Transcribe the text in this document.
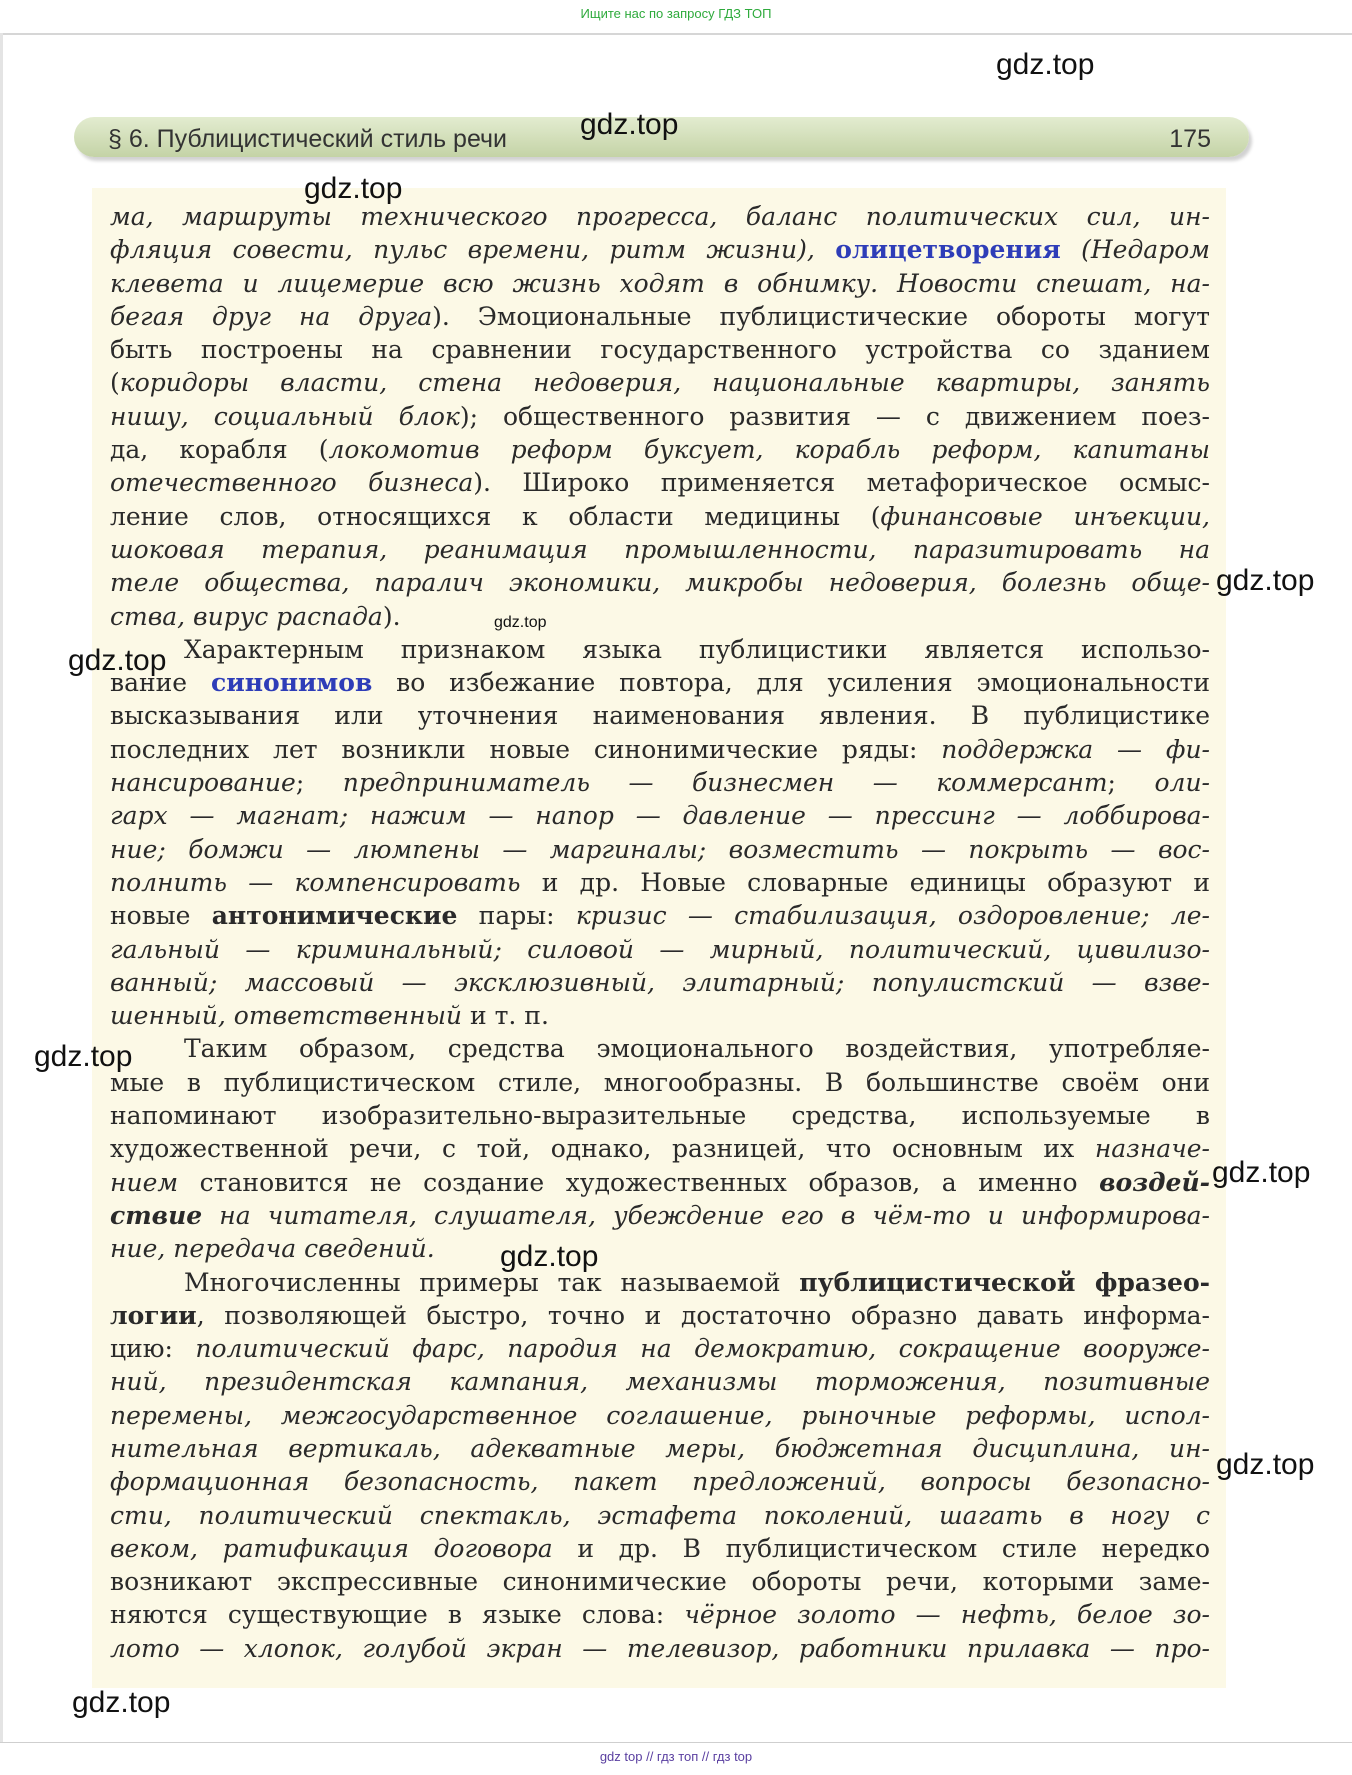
Ищите нас по запросу ГДЗ ТОП
§ 6. Публицистический стиль речи	175
ма, маршруты технического прогресса, баланс политических сил, ин-
фляция совести, пульс времени, ритм жизни), олицетворения (Недаром
клевета и лицемерие всю жизнь ходят в обнимку. Новости спешат, на-
бегая друг на друга). Эмоциональные публицистические обороты могут
быть построены на сравнении государственного устройства со зданием
(коридоры власти, стена недоверия, национальные квартиры, занять
нишу, социальный блок); общественного развития — с движением поез-
да, корабля (локомотив реформ буксует, корабль реформ, капитаны
отечественного бизнеса). Широко применяется метафорическое осмыс-
ление слов, относящихся к области медицины (финансовые инъекции,
шоковая терапия, реанимация промышленности, паразитировать на
теле общества, паралич экономики, микробы недоверия, болезнь обще-
ства, вирус распада).
Характерным признаком языка публицистики является использо-
вание синонимов во избежание повтора, для усиления эмоциональности
высказывания или уточнения наименования явления. В публицистике
последних лет возникли новые синонимические ряды: поддержка — фи-
нансирование; предприниматель — бизнесмен — коммерсант; оли-
гарх — магнат; нажим — напор — давление — прессинг — лоббирова-
ние; бомжи — люмпены — маргиналы; возместить — покрыть — вос-
полнить — компенсировать и др. Новые словарные единицы образуют и
новые антонимические пары: кризис — стабилизация, оздоровление; ле-
гальный — криминальный; силовой — мирный, политический, цивилизо-
ванный; массовый — эксклюзивный, элитарный; популистский — взве-
шенный, ответственный и т. п.
Таким образом, средства эмоционального воздействия, употребляе-
мые в публицистическом стиле, многообразны. В большинстве своём они
напоминают изобразительно-выразительные средства, используемые в
художественной речи, с той, однако, разницей, что основным их назначе-
нием становится не создание художественных образов, а именно воздей-
ствие на читателя, слушателя, убеждение его в чём-то и информирова-
ние, передача сведений.
Многочисленны примеры так называемой публицистической фразео-
логии, позволяющей быстро, точно и достаточно образно давать информа-
цию: политический фарс, пародия на демократию, сокращение вооруже-
ний, президентская кампания, механизмы торможения, позитивные
перемены, межгосударственное соглашение, рыночные реформы, испол-
нительная вертикаль, адекватные меры, бюджетная дисциплина, ин-
формационная безопасность, пакет предложений, вопросы безопасно-
сти, политический спектакль, эстафета поколений, шагать в ногу с
веком, ратификация договора и др. В публицистическом стиле нередко
возникают экспрессивные синонимические обороты речи, которыми заме-
няются существующие в языке слова: чёрное золото — нефть, белое зо-
лото — хлопок, голубой экран — телевизор, работники прилавка — про-
gdz.top
gdz.top
gdz.top
gdz.top
gdz.top
gdz.top
gdz.top
gdz.top
gdz.top
gdz.top
gdz.top
gdz top // гдз топ // гдз top
